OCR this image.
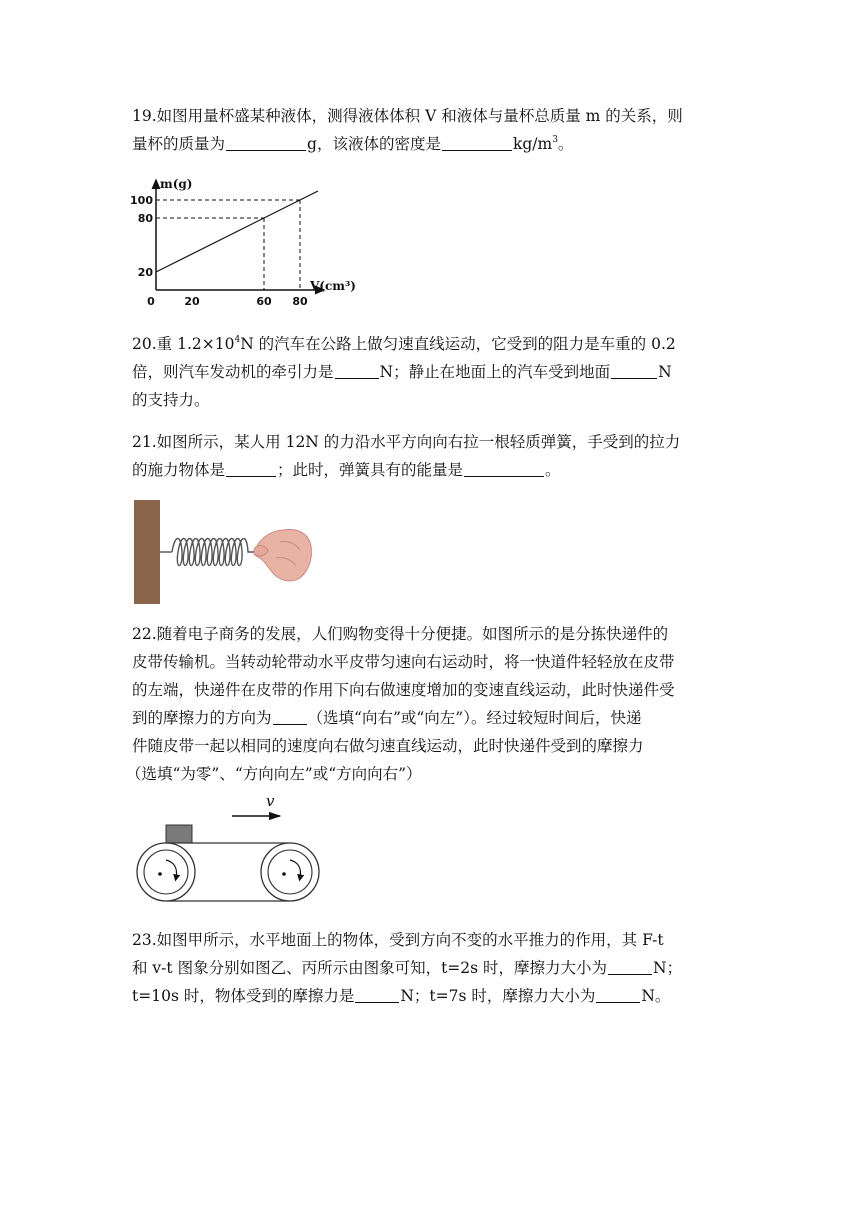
19.如图用量杯盛某种液体，测得液体体积 V 和液体与量杯总质量 m 的关系，则
量杯的质量为	g，该液体的密度是	$kg/m^3$。
0	20	60 80
20
80
100
m(g)
V(cm³)
20.重 $1.2\times 10^4N$ 的汽车在公路上做匀速直线运动，它受到的阻力是车重的 0.2
倍，则汽车发动机的牵引力是	N；静止在地面上的汽车受到地面	N
的支持力。
21.如图所示，某人用 12N 的力沿水平方向向右拉一根轻质弹簧，手受到的拉力
的施力物体是	；此时，弹簧具有的能量是	。
22.随着电子商务的发展，人们购物变得十分便捷。如图所示的是分拣快递件的
皮带传输机。当转动轮带动水平皮带匀速向右运动时，将一快道件轻轻放在皮带
的左端，快递件在皮带的作用下向右做速度增加的变速直线运动，此时快递件受
到的摩擦力的方向为 （选填“向右”或“向左”）。经过较短时间后，快递
件随皮带一起以相同的速度向右做匀速直线运动，此时快递件受到的摩擦力
（选填“为零”、“方向向左”或“方向向右”）
v
23.如图甲所示，水平地面上的物体，受到方向不变的水平推力的作用，其 F-t
和 v-t 图象分别如图乙、丙所示由图象可知，t=2s 时，摩擦力大小为	N；
t=10s 时，物体受到的摩擦力是	N；t=7s 时，摩擦力大小为	N。
